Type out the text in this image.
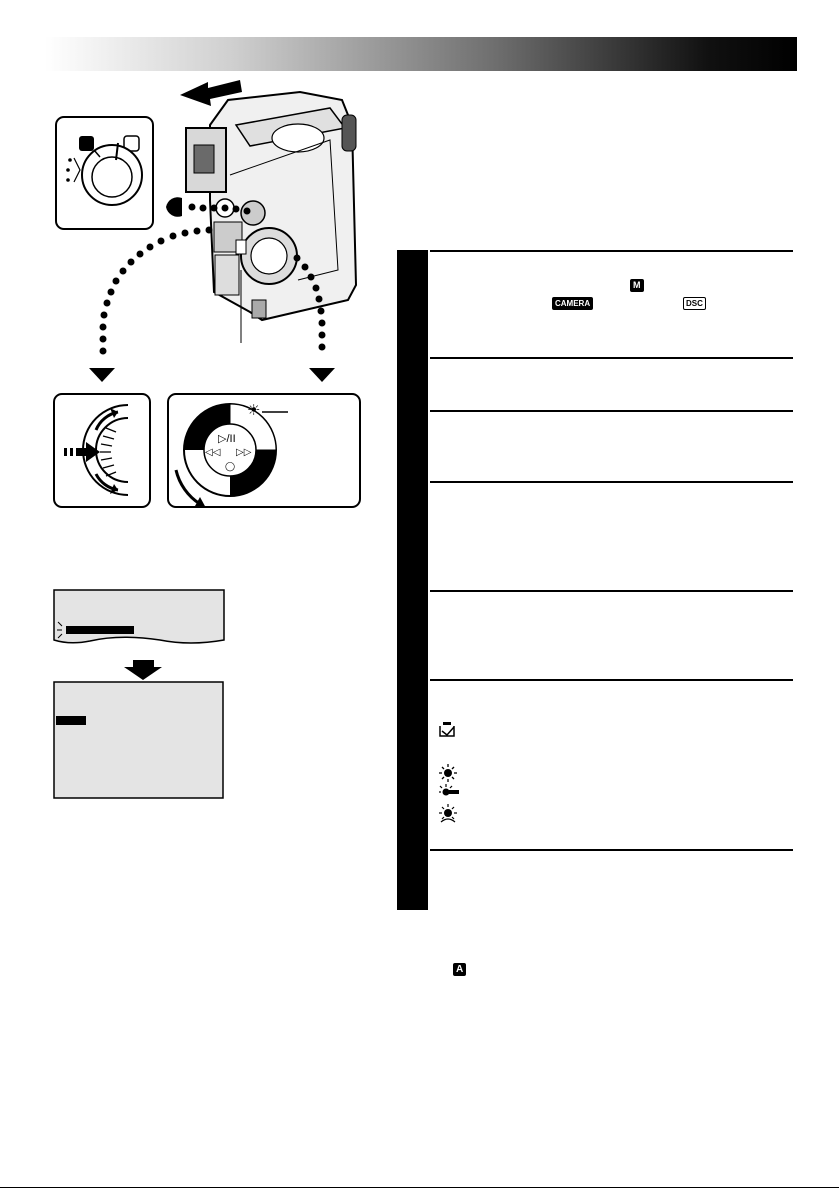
▷/II
◁◁ ▷▷
◯
☀
M
CAMERA	DSC
A
